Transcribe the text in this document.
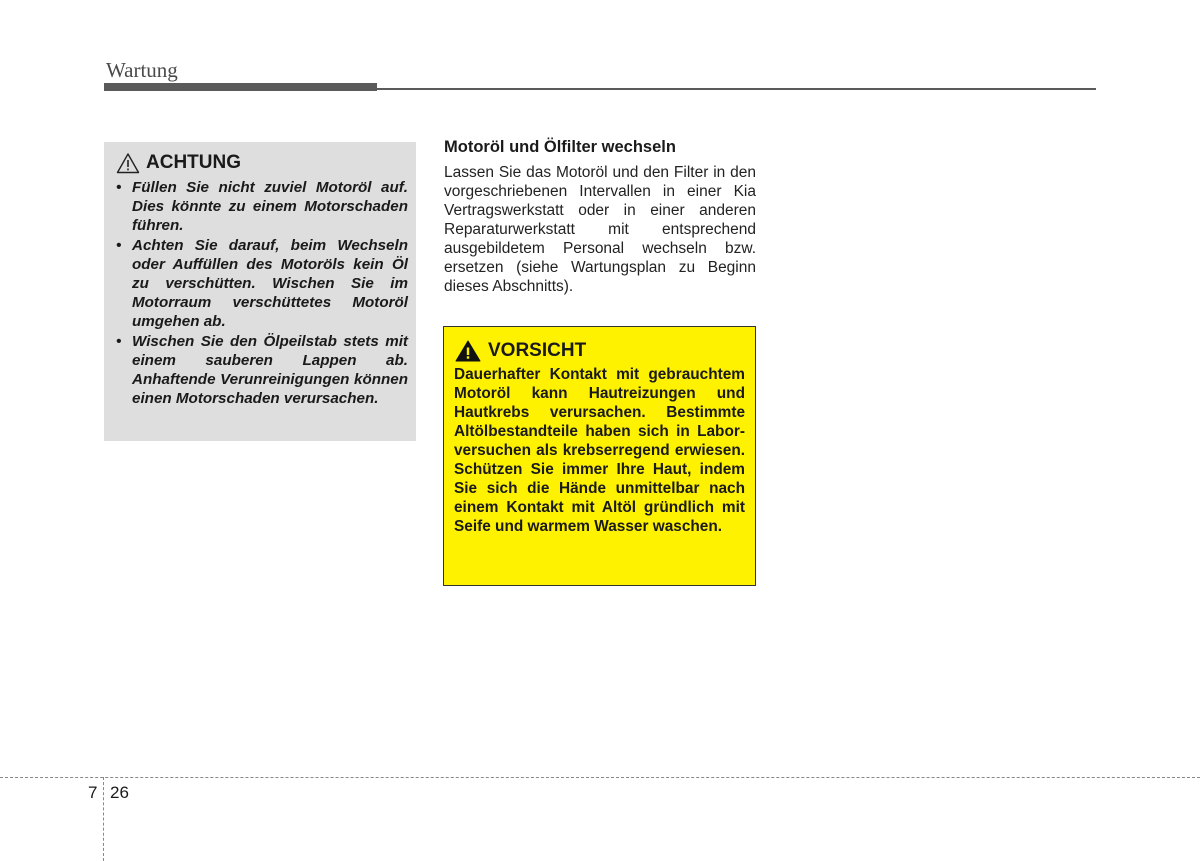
Wartung
ACHTUNG
• Füllen Sie nicht zuviel Motoröl auf. Dies könnte zu einem Motorschaden führen.
• Achten Sie darauf, beim Wechseln oder Auffüllen des Motoröls kein Öl zu verschütten. Wischen Sie im Motorraum verschüttetes Motoröl umgehen ab.
• Wischen Sie den Ölpeilstab stets mit einem sauberen Lappen ab. Anhaftende Verunreinigungen können einen Motorschaden verursachen.
Motoröl und Ölfilter wechseln
Lassen Sie das Motoröl und den Filter in den vorgeschriebenen Intervallen in einer Kia Vertragswerkstatt oder in einer anderen Reparaturwerkstatt mit entsprechend ausgebildetem Personal wechseln bzw. ersetzen (siehe Wartungsplan zu Beginn dieses Abschnitts).
VORSICHT
Dauerhafter Kontakt mit gebrauchtem Motoröl kann Hautreizungen und Hautkrebs verursachen. Bestimmte Altölbestandteile haben sich in Laborversuchen als krebserregend erwiesen. Schützen Sie immer Ihre Haut, indem Sie sich die Hände unmittelbar nach einem Kontakt mit Altöl gründlich mit Seife und warmem Wasser waschen.
7 26
